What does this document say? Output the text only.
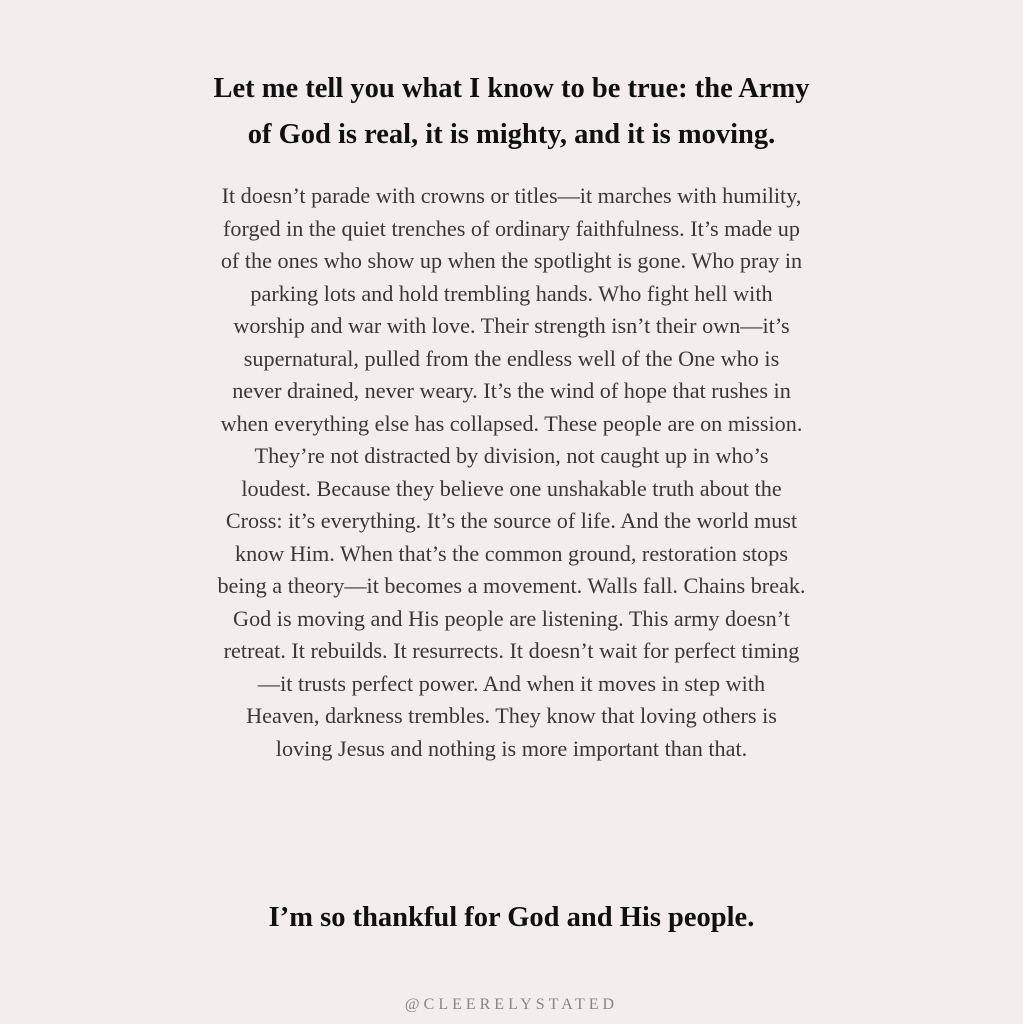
Let me tell you what I know to be true: the Army
of God is real, it is mighty, and it is moving.

It doesn’t parade with crowns or titles—it marches with humility,
forged in the quiet trenches of ordinary faithfulness. It’s made up
of the ones who show up when the spotlight is gone. Who pray in
parking lots and hold trembling hands. Who fight hell with
worship and war with love. Their strength isn’t their own—it’s
supernatural, pulled from the endless well of the One who is
never drained, never weary. It’s the wind of hope that rushes in
when everything else has collapsed. These people are on mission.
They’re not distracted by division, not caught up in who’s
loudest. Because they believe one unshakable truth about the
Cross: it’s everything. It’s the source of life. And the world must
know Him. When that’s the common ground, restoration stops
being a theory—it becomes a movement. Walls fall. Chains break.
God is moving and His people are listening. This army doesn’t
retreat. It rebuilds. It resurrects. It doesn’t wait for perfect timing
—it trusts perfect power. And when it moves in step with
Heaven, darkness trembles. They know that loving others is
loving Jesus and nothing is more important than that.

I’m so thankful for God and His people.
@CLEERELYSTATED
